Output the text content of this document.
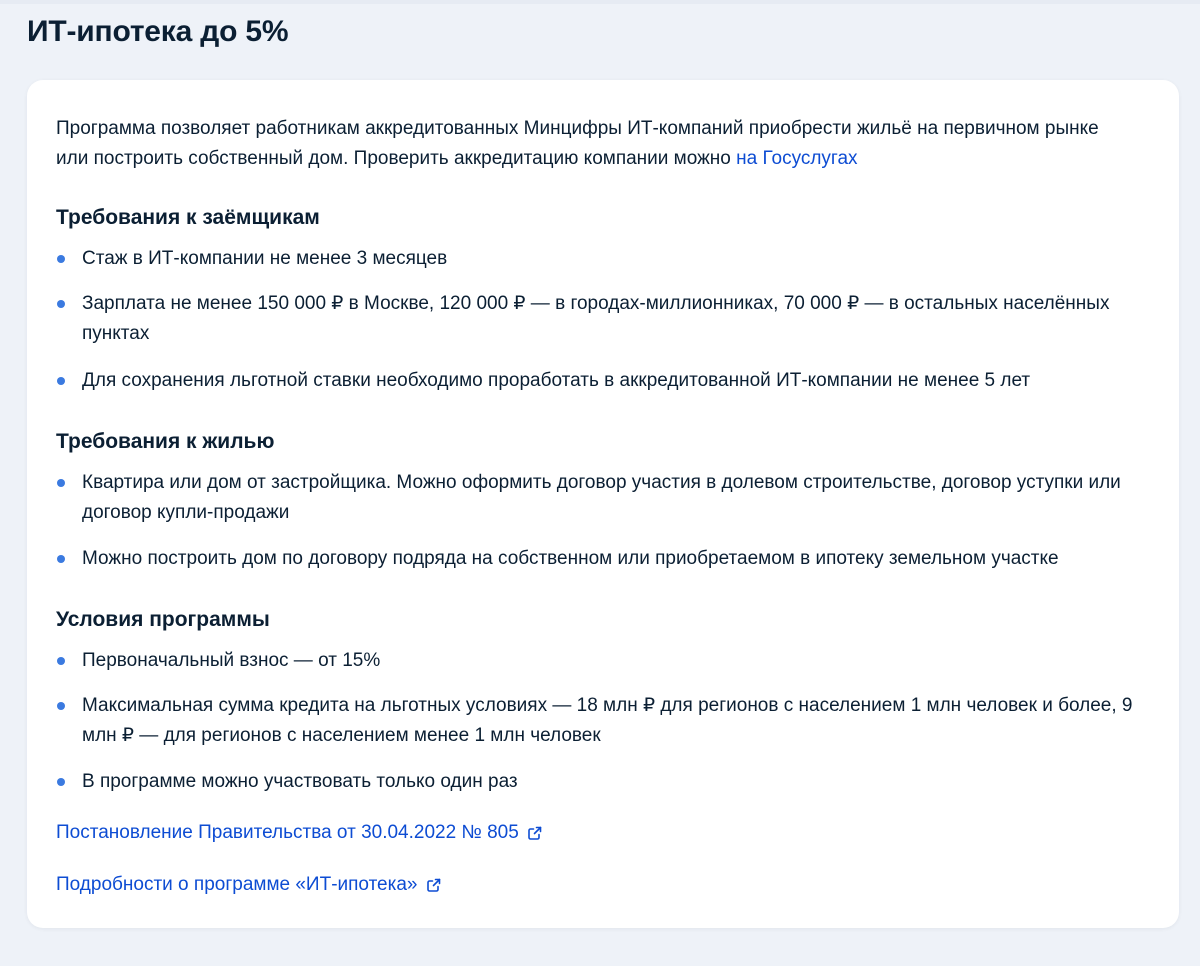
ИТ-ипотека до 5%

Программа позволяет работникам аккредитованных Минцифры ИТ-компаний приобрести жильё на первичном рынке или построить собственный дом. Проверить аккредитацию компании можно на Госуслугах

Требования к заёмщикам
Стаж в ИТ-компании не менее 3 месяцев
Зарплата не менее 150 000 ₽ в Москве, 120 000 ₽ — в городах-миллионниках, 70 000 ₽ — в остальных населённых пунктах
Для сохранения льготной ставки необходимо проработать в аккредитованной ИТ-компании не менее 5 лет
Требования к жилью
Квартира или дом от застройщика. Можно оформить договор участия в долевом строительстве, договор уступки или договор купли-продажи
Можно построить дом по договору подряда на собственном или приобретаемом в ипотеку земельном участке
Условия программы
Первоначальный взнос — от 15%
Максимальная сумма кредита на льготных условиях — 18 млн ₽ для регионов с населением 1 млн человек и более, 9 млн ₽ — для регионов с населением менее 1 млн человек
В программе можно участвовать только один раз
Постановление Правительства от 30.04.2022 № 805
Подробности о программе «ИТ-ипотека»
